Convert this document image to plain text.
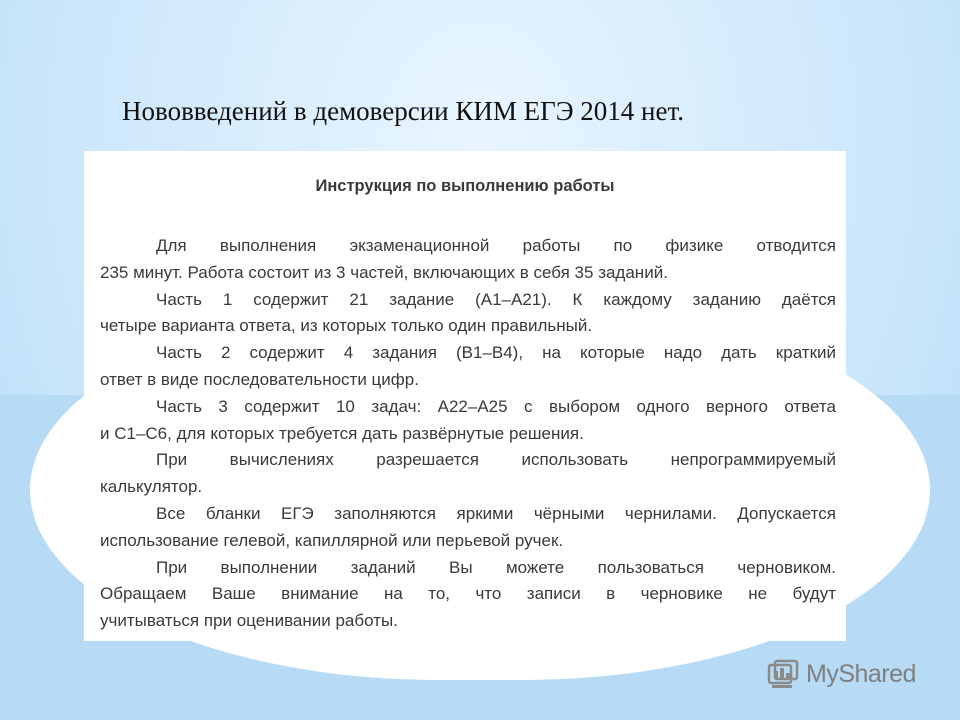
Нововведений в демоверсии КИМ ЕГЭ 2014 нет.
Инструкция по выполнению работы
Для выполнения экзаменационной работы по физике отводится
235 минут. Работа состоит из 3 частей, включающих в себя 35 заданий.
Часть 1 содержит 21 задание (А1–А21). К каждому заданию даётся
четыре варианта ответа, из которых только один правильный.
Часть 2 содержит 4 задания (В1–В4), на которые надо дать краткий
ответ в виде последовательности цифр.
Часть 3 содержит 10 задач: А22–А25 с выбором одного верного ответа
и С1–С6, для которых требуется дать развёрнутые решения.
При вычислениях разрешается использовать непрограммируемый
калькулятор.
Все бланки ЕГЭ заполняются яркими чёрными чернилами. Допускается
использование гелевой, капиллярной или перьевой ручек.
При выполнении заданий Вы можете пользоваться черновиком.
Обращаем Ваше внимание на то, что записи в черновике не будут
учитываться при оценивании работы.
MyShared
